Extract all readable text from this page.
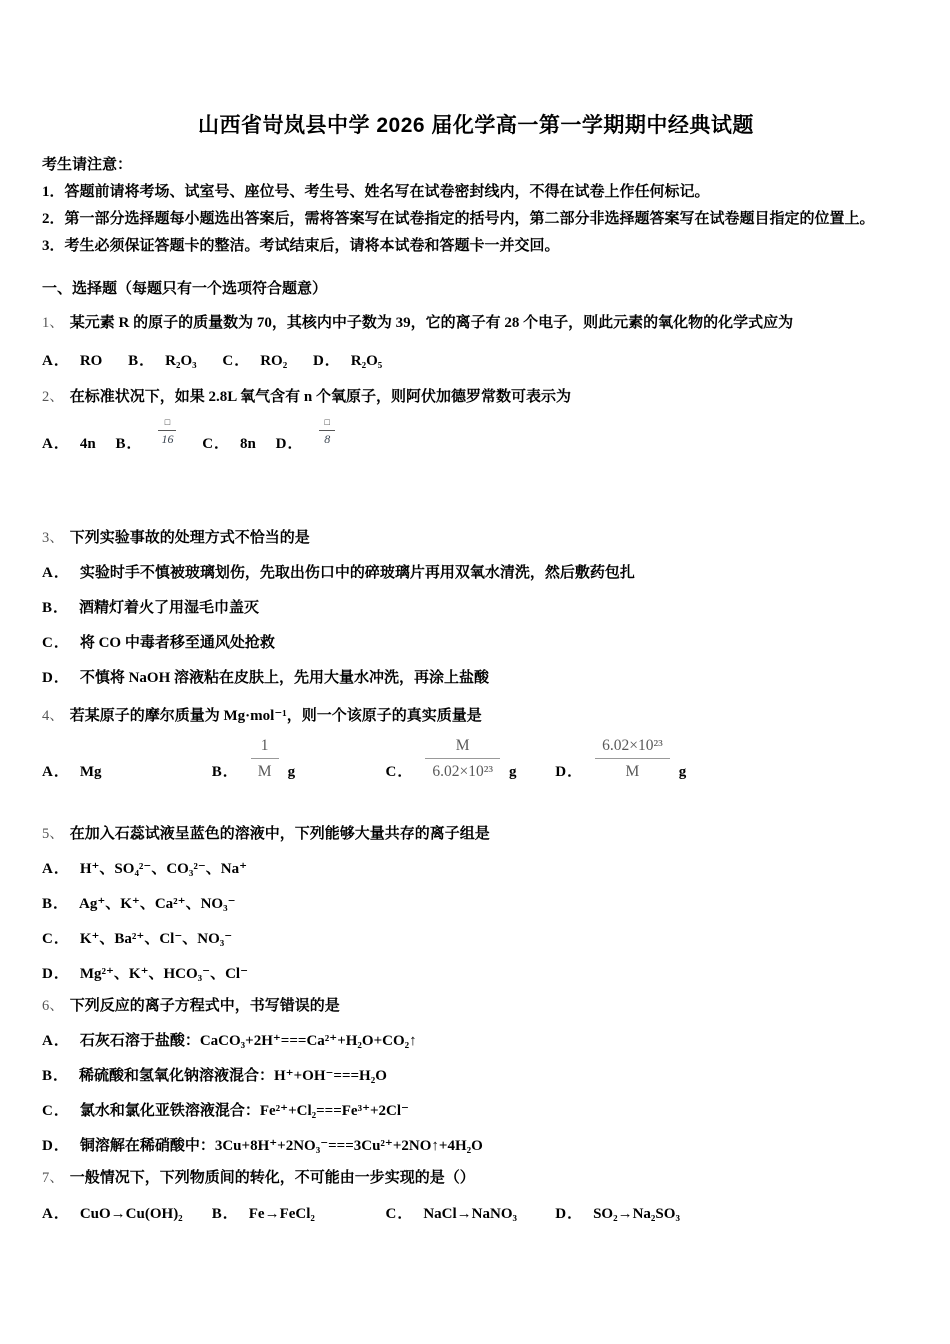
山西省岢岚县中学 2026 届化学高一第一学期期中经典试题
考生请注意：
1．答题前请将考场、试室号、座位号、考生号、姓名写在试卷密封线内，不得在试卷上作任何标记。
2．第一部分选择题每小题选出答案后，需将答案写在试卷指定的括号内，第二部分非选择题答案写在试卷题目指定的位置上。
3．考生必须保证答题卡的整洁。考试结束后，请将本试卷和答题卡一并交回。
一、选择题（每题只有一个选项符合题意）
1、 某元素 R 的原子的质量数为 70，其核内中子数为 39，它的离子有 28 个电子，则此元素的氧化物的化学式应为
A． RO B． R₂O₃ C． RO₂ D． R₂O₅
2、 在标准状况下，如果 2.8L 氧气含有 n 个氧原子，则阿伏加德罗常数可表示为
A． 4n B． $\frac{□}{16}$ C． 8n D． $\frac{□}{8}$
3、 下列实验事故的处理方式不恰当的是
A． 实验时手不慎被玻璃划伤，先取出伤口中的碎玻璃片再用双氧水清洗，然后敷药包扎
B． 酒精灯着火了用湿毛巾盖灭
C． 将 CO 中毒者移至通风处抢救
D． 不慎将 NaOH 溶液粘在皮肤上，先用大量水冲洗，再涂上盐酸
4、 若某原子的摩尔质量为 Mg·mol⁻¹，则一个该原子的真实质量是
A． Mg	B． $\frac{1}{M}$ g	C． $\frac{M}{\text{6.02×10²³}}$ g	D． $\frac{\text{6.02×10²³}}{M}$ g
5、 在加入石蕊试液呈蓝色的溶液中，下列能够大量共存的离子组是
A． H⁺、SO₄²⁻、CO₃²⁻、Na⁺
B． Ag⁺、K⁺、Ca²⁺、NO₃⁻
C． K⁺、Ba²⁺、Cl⁻、NO₃⁻
D． Mg²⁺、K⁺、HCO₃⁻、Cl⁻
6、 下列反应的离子方程式中，书写错误的是
A． 石灰石溶于盐酸：CaCO₃+2H⁺===Ca²⁺+H₂O+CO₂↑
B． 稀硫酸和氢氧化钠溶液混合：H⁺+OH⁻===H₂O
C． 氯水和氯化亚铁溶液混合：Fe²⁺+Cl₂===Fe³⁺+2Cl⁻
D． 铜溶解在稀硝酸中：3Cu+8H⁺+2NO₃⁻===3Cu²⁺+2NO↑+4H₂O
7、 一般情况下，下列物质间的转化，不可能由一步实现的是（）
A． CuO→Cu(OH)₂ B． Fe→FeCl₂	C． NaCl→NaNO₃	D． SO₂→Na₂SO₃
